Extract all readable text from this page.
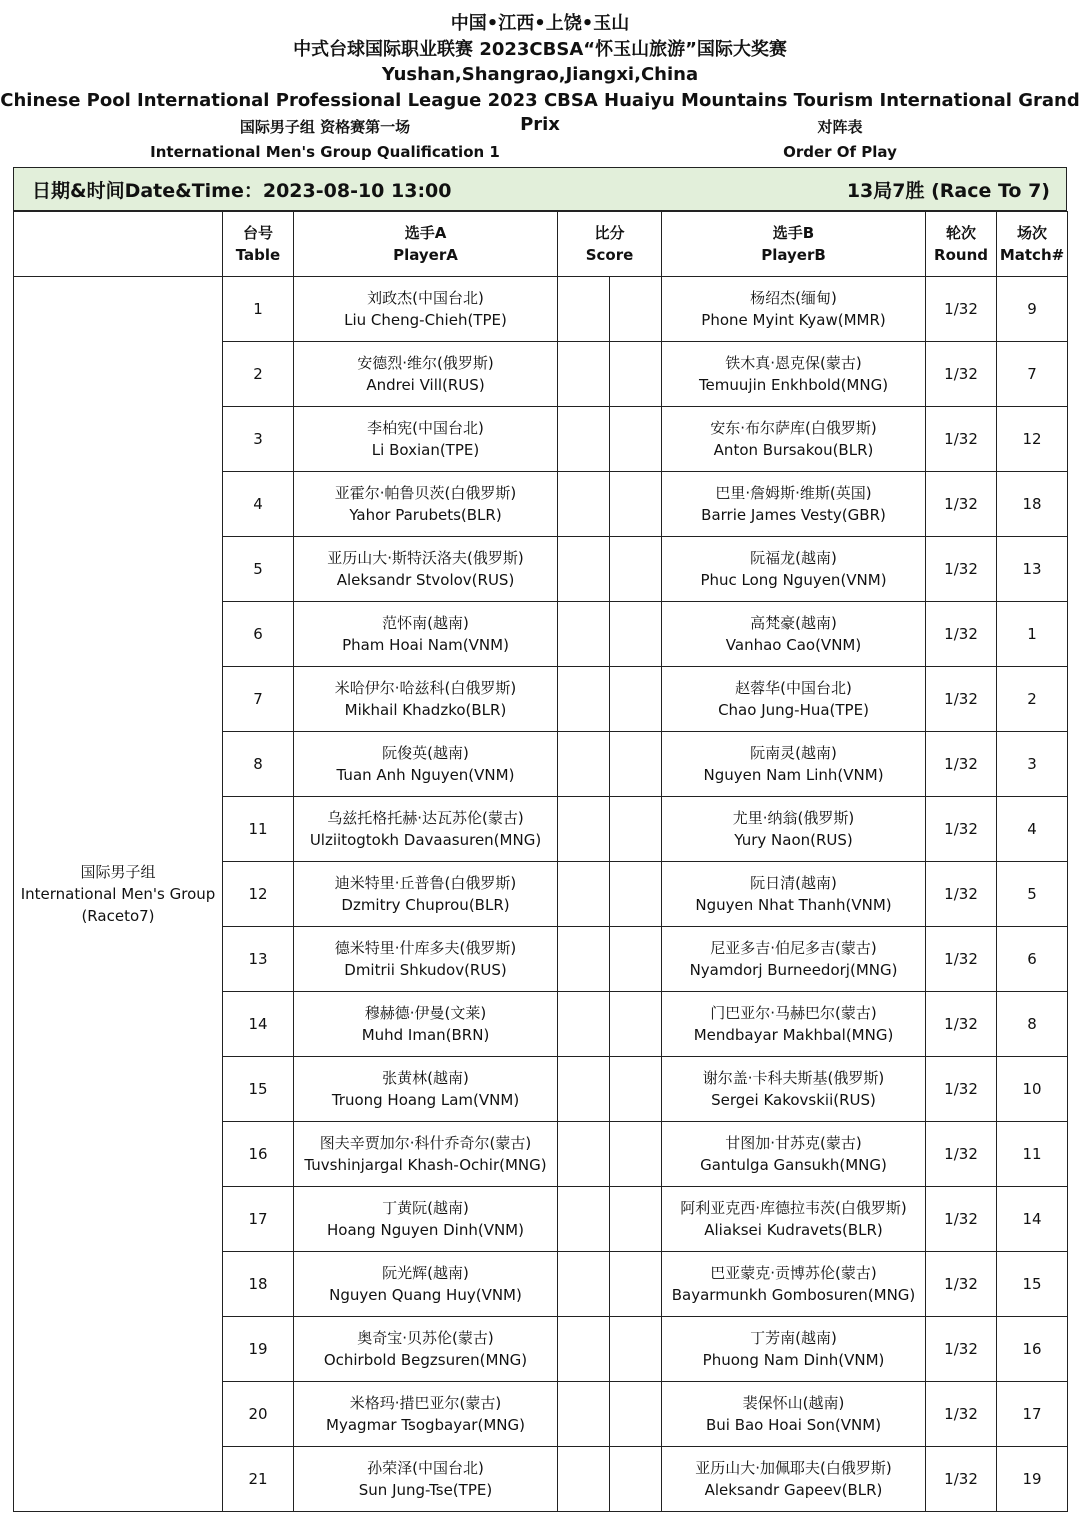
中国•江西•上饶•玉山
中式台球国际职业联赛 2023CBSA“怀玉山旅游”国际大奖赛
Yushan,Shangrao,Jiangxi,China
Chinese Pool International Professional League 2023 CBSA Huaiyu Mountains Tourism International Grand Prix
国际男子组 资格赛第一场
International Men's Group Qualification 1
对阵表
Order Of Play
日期&时间Date&Time：2023-08-10 13:00	13局7胜 (Race To 7)

	台号
Table	选手A
PlayerA	比分
Score		选手B
PlayerB	轮次
Round	场次
Match#

国际男子组
International Men's Group
(Raceto7)	1	刘政杰(中国台北)
Liu Cheng-Chieh(TPE)			杨绍杰(缅甸)
Phone Myint Kyaw(MMR)	1/32	9
	2	安德烈·维尔(俄罗斯)
Andrei Vill(RUS)			铁木真·恩克保(蒙古)
Temuujin Enkhbold(MNG)	1/32	7
	3	李柏宪(中国台北)
Li Boxian(TPE)			安东·布尔萨库(白俄罗斯)
Anton Bursakou(BLR)	1/32	12
	4	亚霍尔·帕鲁贝茨(白俄罗斯)
Yahor Parubets(BLR)			巴里·詹姆斯·维斯(英国)
Barrie James Vesty(GBR)	1/32	18
	5	亚历山大·斯特沃洛夫(俄罗斯)
Aleksandr Stvolov(RUS)			阮福龙(越南)
Phuc Long Nguyen(VNM)	1/32	13
	6	范怀南(越南)
Pham Hoai Nam(VNM)			高梵豪(越南)
Vanhao Cao(VNM)	1/32	1
	7	米哈伊尔·哈兹科(白俄罗斯)
Mikhail Khadzko(BLR)			赵蓉华(中国台北)
Chao Jung-Hua(TPE)	1/32	2
	8	阮俊英(越南)
Tuan Anh Nguyen(VNM)			阮南灵(越南)
Nguyen Nam Linh(VNM)	1/32	3
	11	乌兹托格托赫·达瓦苏伦(蒙古)
Ulziitogtokh Davaasuren(MNG)			尤里·纳翁(俄罗斯)
Yury Naon(RUS)	1/32	4
	12	迪米特里·丘普鲁(白俄罗斯)
Dzmitry Chuprou(BLR)			阮日清(越南)
Nguyen Nhat Thanh(VNM)	1/32	5
	13	德米特里·什库多夫(俄罗斯)
Dmitrii Shkudov(RUS)			尼亚多吉·伯尼多吉(蒙古)
Nyamdorj Burneedorj(MNG)	1/32	6
	14	穆赫德·伊曼(文莱)
Muhd Iman(BRN)			门巴亚尔·马赫巴尔(蒙古)
Mendbayar Makhbal(MNG)	1/32	8
	15	张黄林(越南)
Truong Hoang Lam(VNM)			谢尔盖·卡科夫斯基(俄罗斯)
Sergei Kakovskii(RUS)	1/32	10
	16	图夫辛贾加尔·科什乔奇尔(蒙古)
Tuvshinjargal Khash-Ochir(MNG)			甘图加·甘苏克(蒙古)
Gantulga Gansukh(MNG)	1/32	11
	17	丁黄阮(越南)
Hoang Nguyen Dinh(VNM)			阿利亚克西·库德拉韦茨(白俄罗斯)
Aliaksei Kudravets(BLR)	1/32	14
	18	阮光辉(越南)
Nguyen Quang Huy(VNM)			巴亚蒙克·贡博苏伦(蒙古)
Bayarmunkh Gombosuren(MNG)	1/32	15
	19	奥奇宝·贝苏伦(蒙古)
Ochirbold Begzsuren(MNG)			丁芳南(越南)
Phuong Nam Dinh(VNM)	1/32	16
	20	米格玛·措巴亚尔(蒙古)
Myagmar Tsogbayar(MNG)			裴保怀山(越南)
Bui Bao Hoai Son(VNM)	1/32	17
	21	孙荣泽(中国台北)
Sun Jung-Tse(TPE)			亚历山大·加佩耶夫(白俄罗斯)
Aleksandr Gapeev(BLR)	1/32	19
